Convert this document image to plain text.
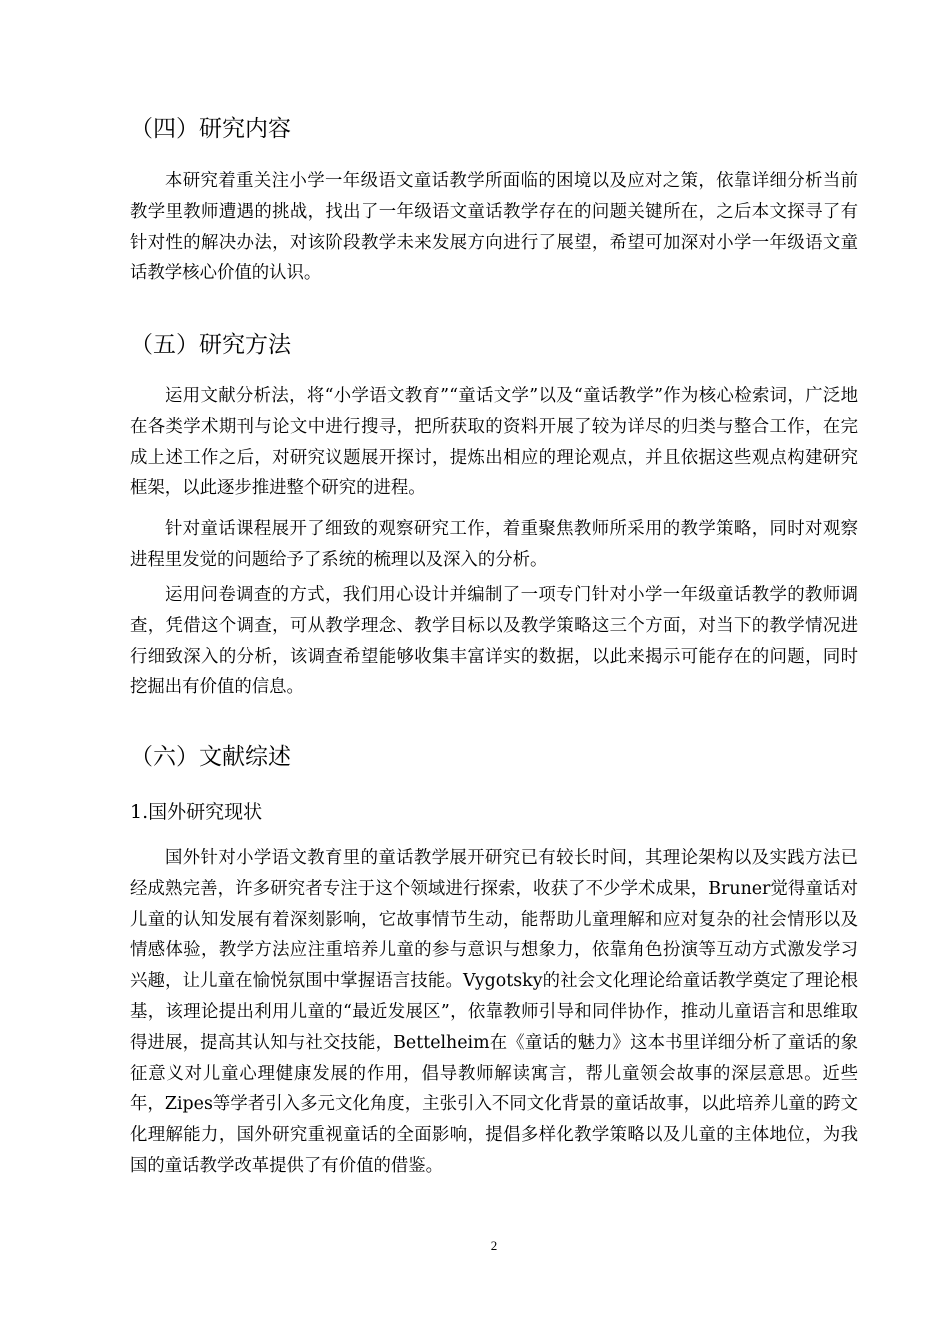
（四）研究内容

本研究着重关注小学一年级语文童话教学所面临的困境以及应对之策，依靠详细分析当前教学里教师遭遇的挑战，找出了一年级语文童话教学存在的问题关键所在，之后本文探寻了有针对性的解决办法，对该阶段教学未来发展方向进行了展望，希望可加深对小学一年级语文童话教学核心价值的认识。

（五）研究方法

运用文献分析法，将“小学语文教育”“童话文学”以及“童话教学”作为核心检索词，广泛地在各类学术期刊与论文中进行搜寻，把所获取的资料开展了较为详尽的归类与整合工作，在完成上述工作之后，对研究议题展开探讨，提炼出相应的理论观点，并且依据这些观点构建研究框架，以此逐步推进整个研究的进程。

针对童话课程展开了细致的观察研究工作，着重聚焦教师所采用的教学策略，同时对观察进程里发觉的问题给予了系统的梳理以及深入的分析。

运用问卷调查的方式，我们用心设计并编制了一项专门针对小学一年级童话教学的教师调查，凭借这个调查，可从教学理念、教学目标以及教学策略这三个方面，对当下的教学情况进行细致深入的分析，该调查希望能够收集丰富详实的数据，以此来揭示可能存在的问题，同时挖掘出有价值的信息。

（六）文献综述
1.国外研究现状

国外针对小学语文教育里的童话教学展开研究已有较长时间，其理论架构以及实践方法已经成熟完善，许多研究者专注于这个领域进行探索，收获了不少学术成果，Bruner觉得童话对儿童的认知发展有着深刻影响，它故事情节生动，能帮助儿童理解和应对复杂的社会情形以及情感体验，教学方法应注重培养儿童的参与意识与想象力，依靠角色扮演等互动方式激发学习兴趣，让儿童在愉悦氛围中掌握语言技能。Vygotsky的社会文化理论给童话教学奠定了理论根基，该理论提出利用儿童的“最近发展区”，依靠教师引导和同伴协作，推动儿童语言和思维取得进展，提高其认知与社交技能，Bettelheim在《童话的魅力》这本书里详细分析了童话的象征意义对儿童心理健康发展的作用，倡导教师解读寓言，帮儿童领会故事的深层意思。近些年，Zipes等学者引入多元文化角度，主张引入不同文化背景的童话故事，以此培养儿童的跨文化理解能力，国外研究重视童话的全面影响，提倡多样化教学策略以及儿童的主体地位，为我国的童话教学改革提供了有价值的借鉴。

2
